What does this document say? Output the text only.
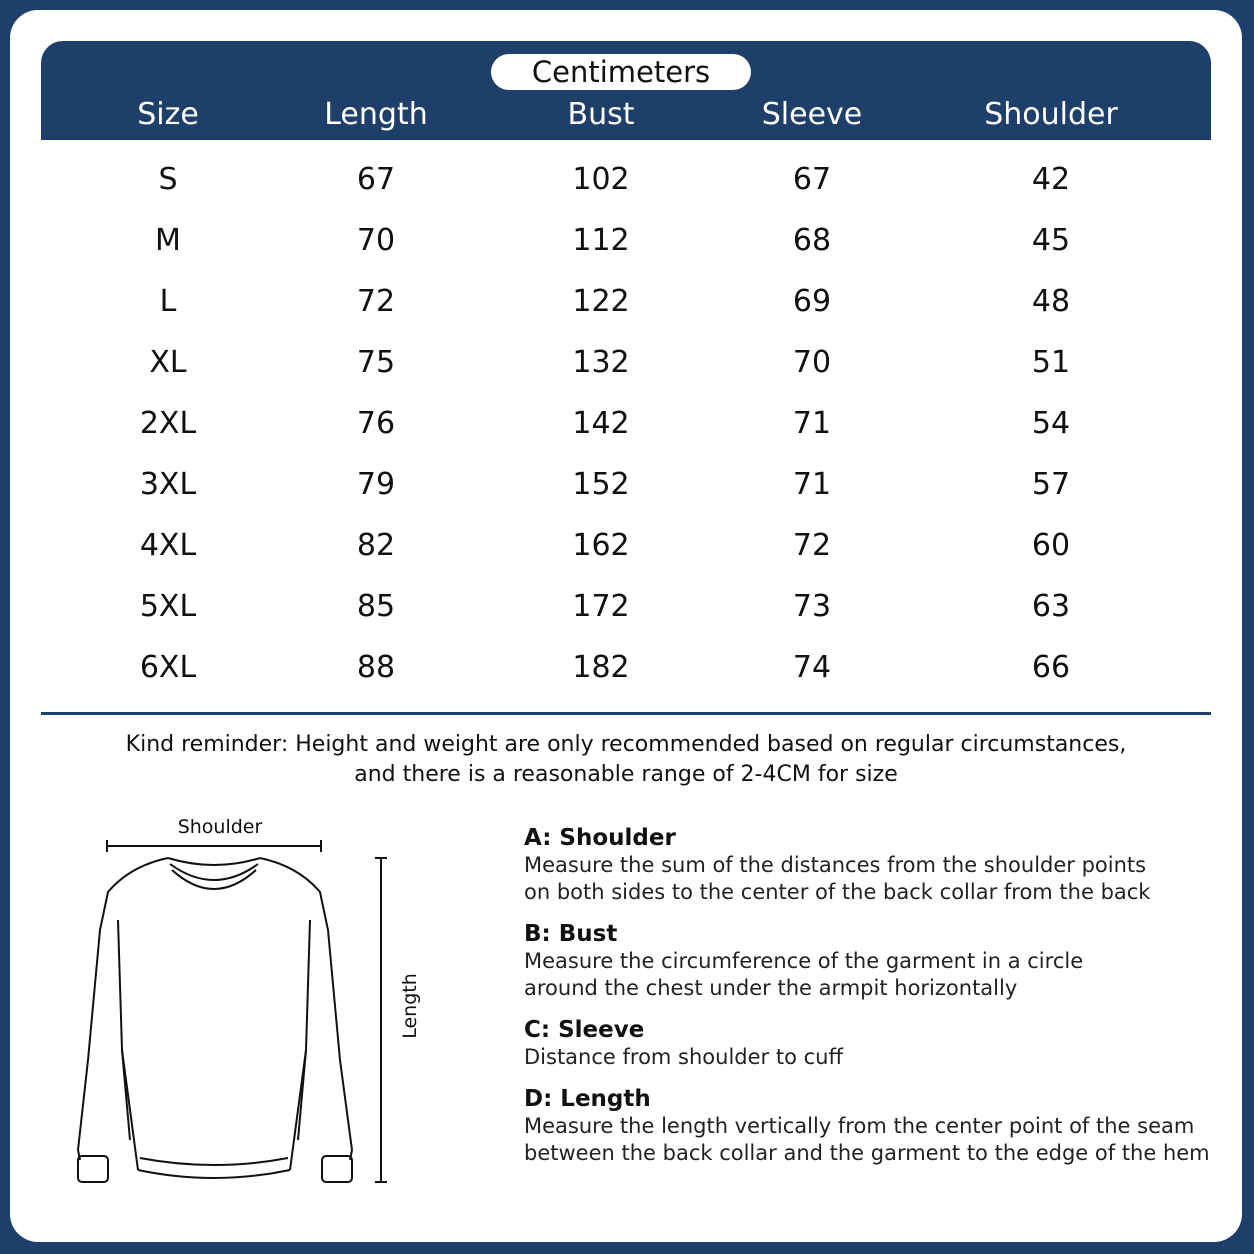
Centimeters
Size	Length	Bust	Sleeve	Shoulder
S	67	102	67	42
M	70	112	68	45
L	72	122	69	48
XL	75	132	70	51
2XL	76	142	71	54
3XL	79	152	71	57
4XL	82	162	72	60
5XL	85	172	73	63
6XL	88	182	74	66
Kind reminder: Height and weight are only recommended based on regular circumstances,
and there is a reasonable range of 2-4CM for size
Shoulder
Length
A: Shoulder
Measure the sum of the distances from the shoulder points
on both sides to the center of the back collar from the back
B: Bust
Measure the circumference of the garment in a circle
around the chest under the armpit horizontally
C: Sleeve
Distance from shoulder to cuff
D: Length
Measure the length vertically from the center point of the seam
between the back collar and the garment to the edge of the hem
